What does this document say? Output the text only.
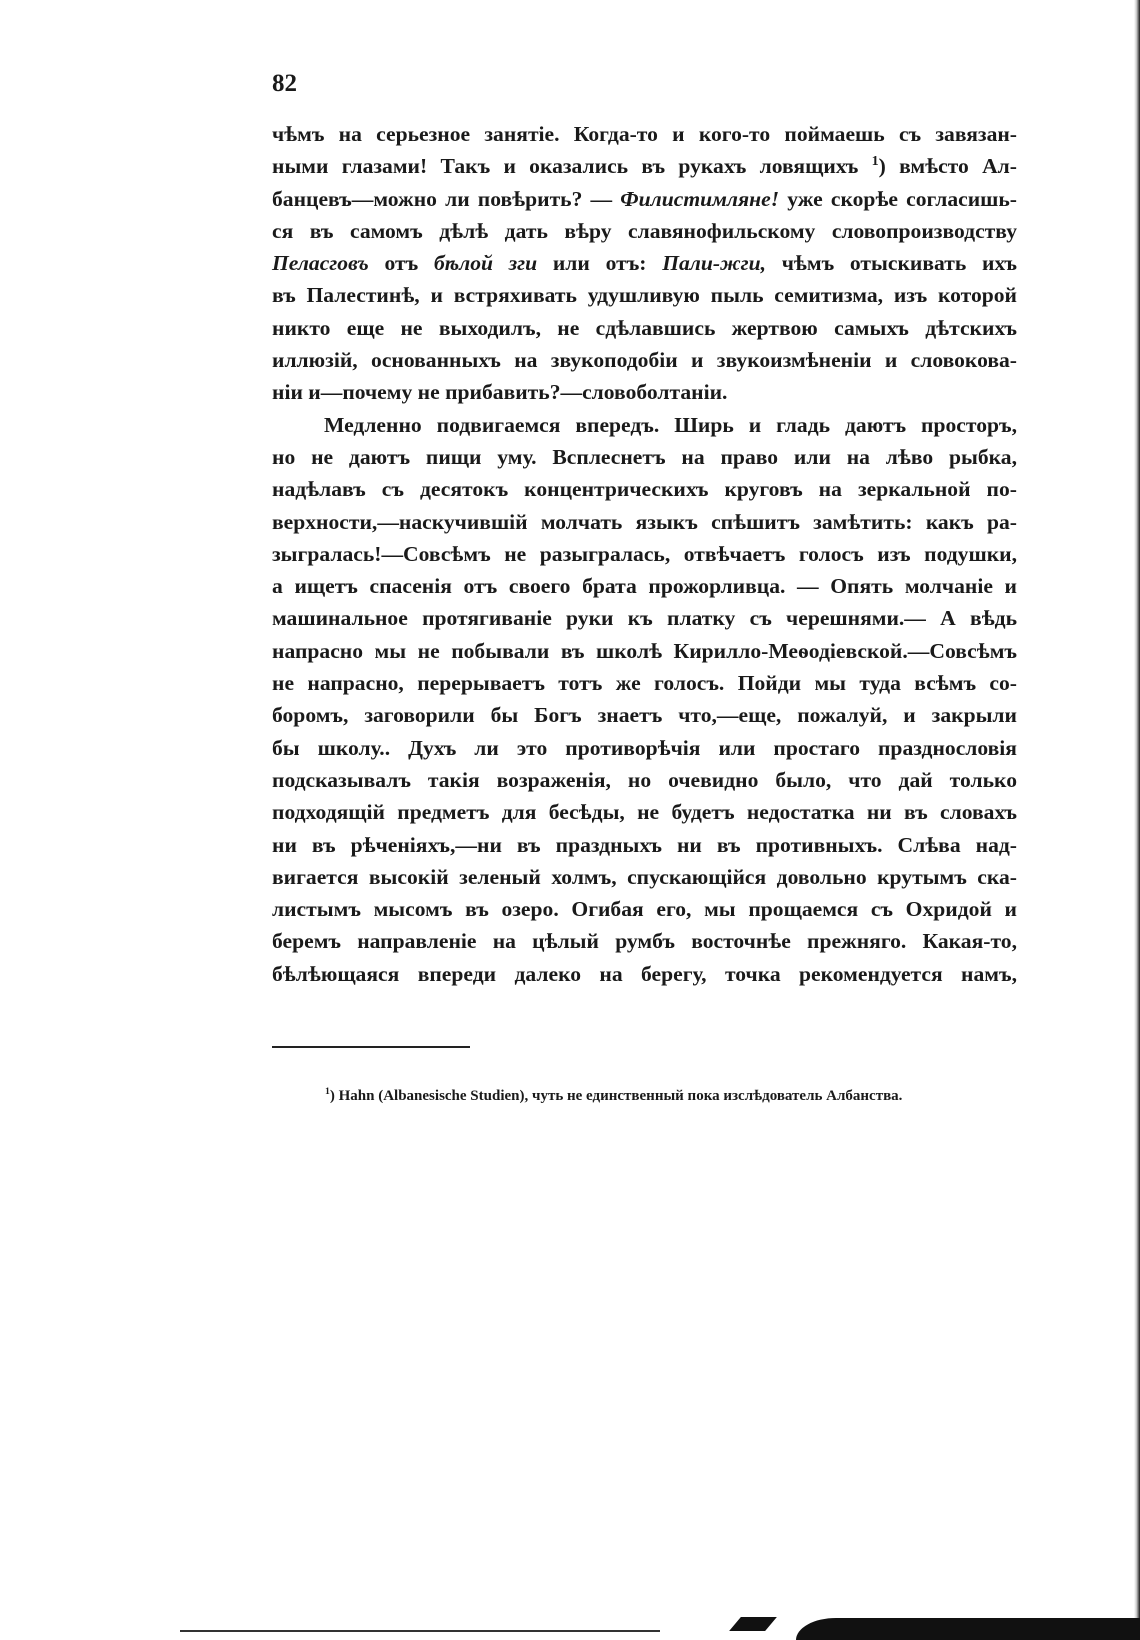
82

чѣмъ на серьезное занятіе. Когда-то и кого-то поймаешь съ завязан-
ными глазами! Такъ и оказались въ рукахъ ловящихъ $^1$) вмѣсто Ал-
банцевъ—можно ли повѣрить? — Филистимляне! уже скорѣе согласишь-
ся въ самомъ дѣлѣ дать вѣру славянофильскому словопроизводству
Пеласговъ отъ бѣлой зги или отъ: Пали-жги, чѣмъ отыскивать ихъ
въ Палестинѣ, и встряхивать удушливую пыль семитизма, изъ которой
никто еще не выходилъ, не сдѣлавшись жертвою самыхъ дѣтскихъ
иллюзій, основанныхъ на звукоподобіи и звукоизмѣненіи и словокова-
ніи и—почему не прибавить?—словоболтаніи.

Медленно подвигаемся впередъ. Ширь и гладь даютъ просторъ,
но не даютъ пищи уму. Всплеснетъ на право или на лѣво рыбка,
надѣлавъ съ десятокъ концентрическихъ круговъ на зеркальной по-
верхности,—наскучившій молчать языкъ спѣшитъ замѣтить: какъ ра-
зыгралась!—Совсѣмъ не разыгралась, отвѣчаетъ голосъ изъ подушки,
а ищетъ спасенія отъ своего брата прожорливца. — Опять молчаніе и
машинальное протягиваніе руки къ платку съ черешнями.— А вѣдь
напрасно мы не побывали въ школѣ Кирилло-Меѳодіевской.—Совсѣмъ
не напрасно, перерываетъ тотъ же голосъ. Пойди мы туда всѣмъ со-
боромъ, заговорили бы Богъ знаетъ что,—еще, пожалуй, и закрыли
бы школу.. Духъ ли это противорѣчія или простаго празднословія
подсказывалъ такія возраженія, но очевидно было, что дай только
подходящій предметъ для бесѣды, не будетъ недостатка ни въ словахъ
ни въ рѣченіяхъ,—ни въ праздныхъ ни въ противныхъ. Слѣва над-
вигается высокій зеленый холмъ, спускающійся довольно крутымъ ска-
листымъ мысомъ въ озеро. Огибая его, мы прощаемся съ Охридой и
беремъ направленіе на цѣлый румбъ восточнѣе прежняго. Какая-то,
бѣлѣющаяся впереди далеко на берегу, точка рекомендуется намъ,

$^1$) Hahn (Albanesische Studien), чуть не единственный пока изслѣдователь Албанства.
